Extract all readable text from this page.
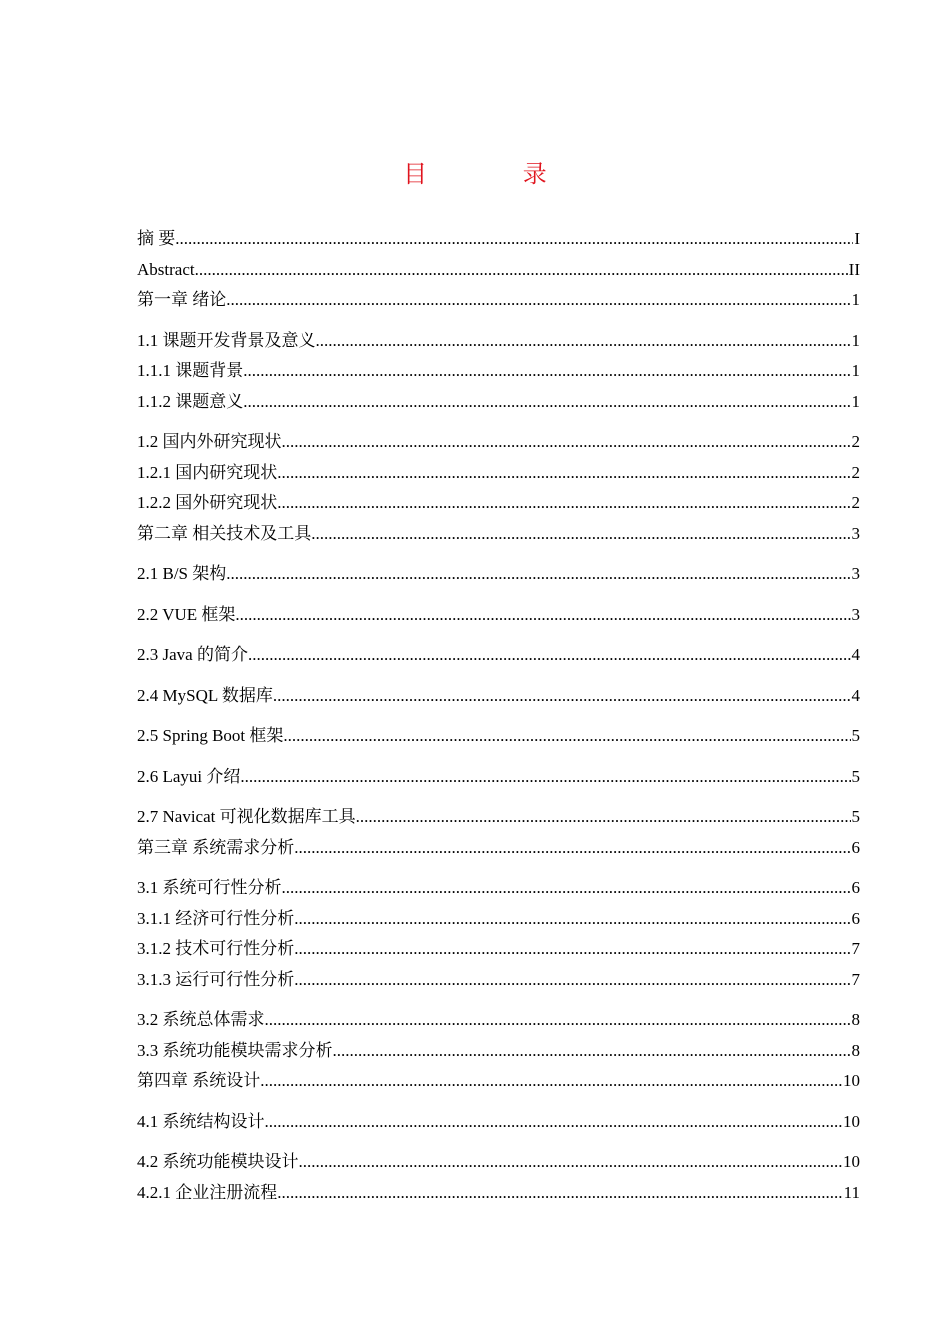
目 录
摘 要 .....	I
Abstract .....	II
第一章 绪论 .....	1
1.1 课题开发背景及意义 .....	1
1.1.1 课题背景 .....	1
1.1.2 课题意义 .....	1
1.2 国内外研究现状 .....	2
1.2.1 国内研究现状 .....	2
1.2.2 国外研究现状 .....	2
第二章 相关技术及工具 .....	3
2.1 B/S 架构 .....	3
2.2 VUE 框架 .....	3
2.3 Java 的简介 .....	4
2.4 MySQL 数据库 .....	4
2.5 Spring Boot 框架 .....	5
2.6 Layui 介绍 .....	5
2.7 Navicat 可视化数据库工具 .....	5
第三章 系统需求分析 .....	6
3.1 系统可行性分析 .....	6
3.1.1 经济可行性分析 .....	6
3.1.2 技术可行性分析 .....	7
3.1.3 运行可行性分析 .....	7
3.2 系统总体需求 .....	8
3.3 系统功能模块需求分析 .....	8
第四章 系统设计 .....	10
4.1 系统结构设计 .....	10
4.2 系统功能模块设计 .....	10
4.2.1 企业注册流程 .....	11
